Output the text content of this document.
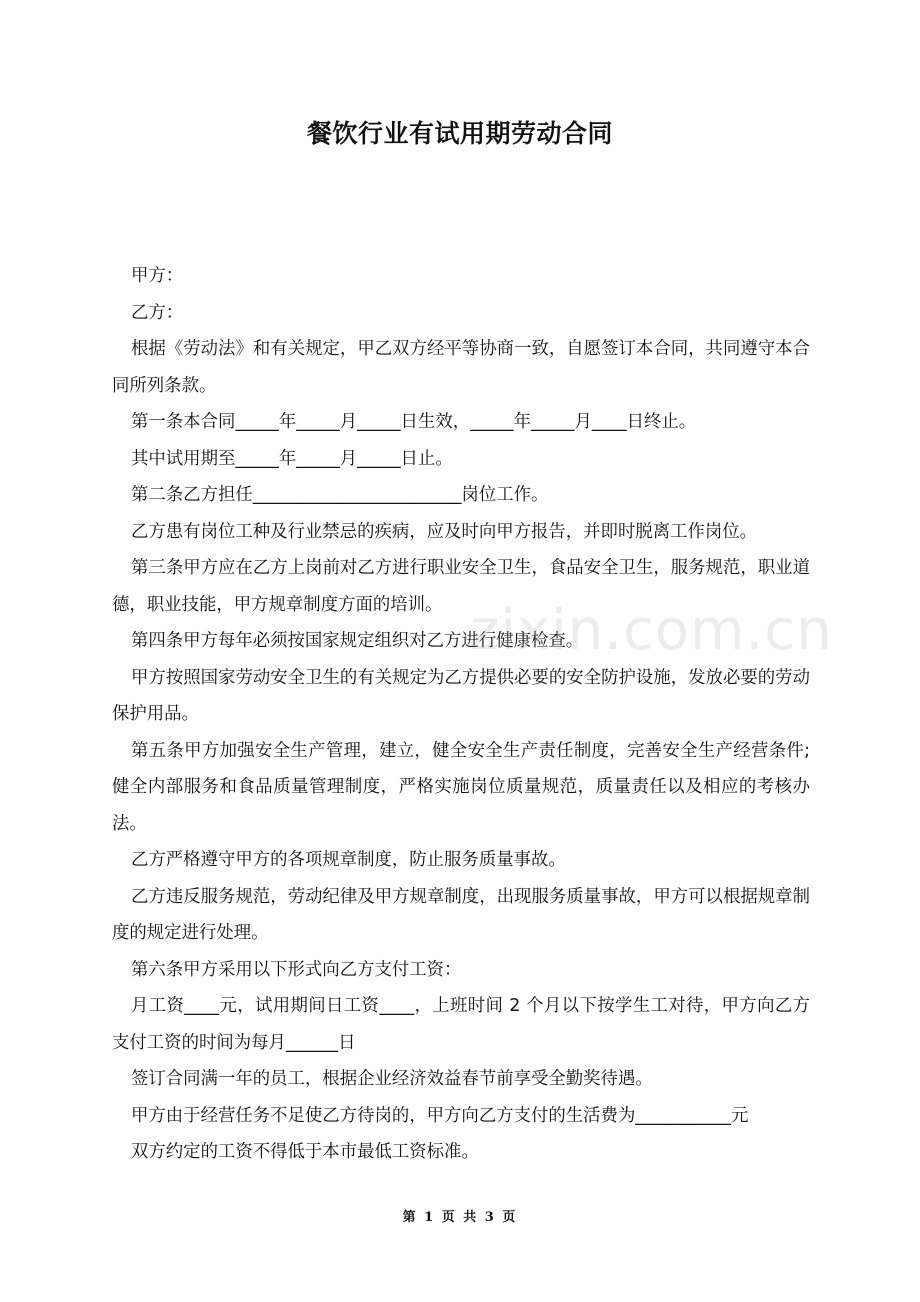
餐饮行业有试用期劳动合同

甲方：

乙方：

根据《劳动法》和有关规定，甲乙双方经平等协商一致，自愿签订本合同，共同遵守本合同所列条款。

第一条本合同_____年_____月_____日生效，_____年_____月____日终止。

其中试用期至_____年_____月_____日止。

第二条乙方担任________________________岗位工作。

乙方患有岗位工种及行业禁忌的疾病，应及时向甲方报告，并即时脱离工作岗位。

第三条甲方应在乙方上岗前对乙方进行职业安全卫生，食品安全卫生，服务规范，职业道德，职业技能，甲方规章制度方面的培训。

第四条甲方每年必须按国家规定组织对乙方进行健康检查。

甲方按照国家劳动安全卫生的有关规定为乙方提供必要的安全防护设施，发放必要的劳动保护用品。

第五条甲方加强安全生产管理，建立，健全安全生产责任制度，完善安全生产经营条件;健全内部服务和食品质量管理制度，严格实施岗位质量规范，质量责任以及相应的考核办法。

乙方严格遵守甲方的各项规章制度，防止服务质量事故。

乙方违反服务规范，劳动纪律及甲方规章制度，出现服务质量事故，甲方可以根据规章制度的规定进行处理。

第六条甲方采用以下形式向乙方支付工资：

月工资____元，试用期间日工资____，上班时间 2 个月以下按学生工对待，甲方向乙方支付工资的时间为每月______日

签订合同满一年的员工，根据企业经济效益春节前享受全勤奖待遇。

甲方由于经营任务不足使乙方待岗的，甲方向乙方支付的生活费为___________元

双方约定的工资不得低于本市最低工资标准。

zixin.com.cn
第 1 页 共 3 页
